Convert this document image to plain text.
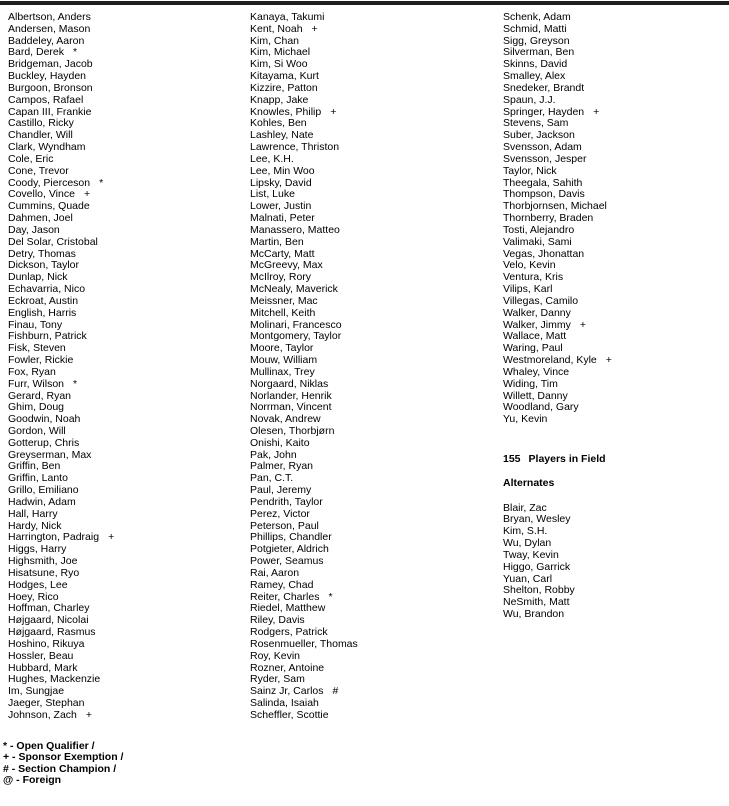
Albertson, Anders
Andersen, Mason
Baddeley, Aaron
Bard, Derek *
Bridgeman, Jacob
Buckley, Hayden
Burgoon, Bronson
Campos, Rafael
Capan III, Frankie
Castillo, Ricky
Chandler, Will
Clark, Wyndham
Cole, Eric
Cone, Trevor
Coody, Pierceson *
Covello, Vince +
Cummins, Quade
Dahmen, Joel
Day, Jason
Del Solar, Cristobal
Detry, Thomas
Dickson, Taylor
Dunlap, Nick
Echavarria, Nico
Eckroat, Austin
English, Harris
Finau, Tony
Fishburn, Patrick
Fisk, Steven
Fowler, Rickie
Fox, Ryan
Furr, Wilson *
Gerard, Ryan
Ghim, Doug
Goodwin, Noah
Gordon, Will
Gotterup, Chris
Greyserman, Max
Griffin, Ben
Griffin, Lanto
Grillo, Emiliano
Hadwin, Adam
Hall, Harry
Hardy, Nick
Harrington, Padraig +
Higgs, Harry
Highsmith, Joe
Hisatsune, Ryo
Hodges, Lee
Hoey, Rico
Hoffman, Charley
Højgaard, Nicolai
Højgaard, Rasmus
Hoshino, Rikuya
Hossler, Beau
Hubbard, Mark
Hughes, Mackenzie
Im, Sungjae
Jaeger, Stephan
Johnson, Zach +
Kanaya, Takumi
Kent, Noah +
Kim, Chan
Kim, Michael
Kim, Si Woo
Kitayama, Kurt
Kizzire, Patton
Knapp, Jake
Knowles, Philip +
Kohles, Ben
Lashley, Nate
Lawrence, Thriston
Lee, K.H.
Lee, Min Woo
Lipsky, David
List, Luke
Lower, Justin
Malnati, Peter
Manassero, Matteo
Martin, Ben
McCarty, Matt
McGreevy, Max
McIlroy, Rory
McNealy, Maverick
Meissner, Mac
Mitchell, Keith
Molinari, Francesco
Montgomery, Taylor
Moore, Taylor
Mouw, William
Mullinax, Trey
Norgaard, Niklas
Norlander, Henrik
Norrman, Vincent
Novak, Andrew
Olesen, Thorbjørn
Onishi, Kaito
Pak, John
Palmer, Ryan
Pan, C.T.
Paul, Jeremy
Pendrith, Taylor
Perez, Victor
Peterson, Paul
Phillips, Chandler
Potgieter, Aldrich
Power, Seamus
Rai, Aaron
Ramey, Chad
Reiter, Charles *
Riedel, Matthew
Riley, Davis
Rodgers, Patrick
Rosenmueller, Thomas
Roy, Kevin
Rozner, Antoine
Ryder, Sam
Sainz Jr, Carlos #
Salinda, Isaiah
Scheffler, Scottie
Schenk, Adam
Schmid, Matti
Sigg, Greyson
Silverman, Ben
Skinns, David
Smalley, Alex
Snedeker, Brandt
Spaun, J.J.
Springer, Hayden +
Stevens, Sam
Suber, Jackson
Svensson, Adam
Svensson, Jesper
Taylor, Nick
Theegala, Sahith
Thompson, Davis
Thorbjornsen, Michael
Thornberry, Braden
Tosti, Alejandro
Valimaki, Sami
Vegas, Jhonattan
Velo, Kevin
Ventura, Kris
Vilips, Karl
Villegas, Camilo
Walker, Danny
Walker, Jimmy +
Wallace, Matt
Waring, Paul
Westmoreland, Kyle +
Whaley, Vince
Widing, Tim
Willett, Danny
Woodland, Gary
Yu, Kevin
155 Players in Field
Alternates
Blair, Zac
Bryan, Wesley
Kim, S.H.
Wu, Dylan
Tway, Kevin
Higgo, Garrick
Yuan, Carl
Shelton, Robby
NeSmith, Matt
Wu, Brandon
* - Open Qualifier /
+ - Sponsor Exemption /
# - Section Champion /
@ - Foreign
